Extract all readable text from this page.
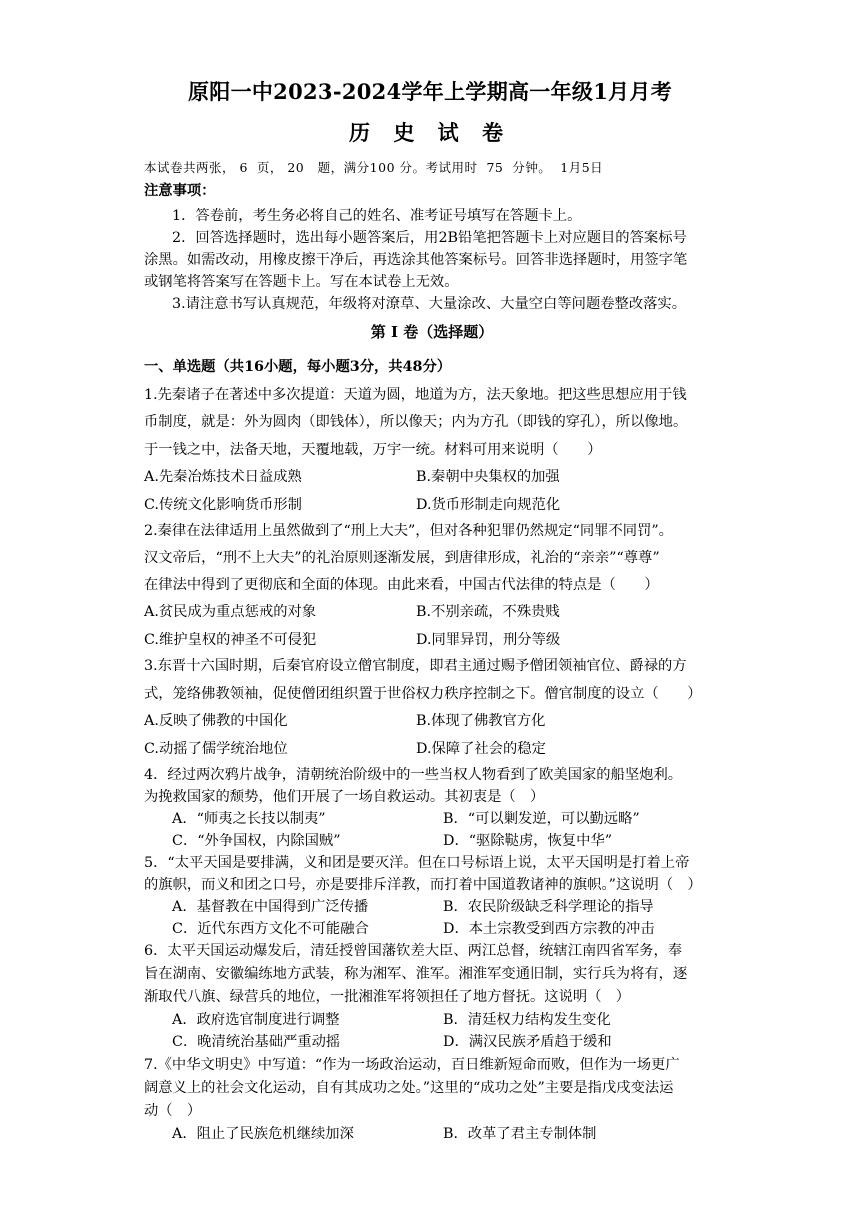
原阳一中2023-2024学年上学期高一年级1月月考
历 史 试 卷
本试卷共两张， 6  页， 20   题，满分100 分。考试用时  75  分钟。  1月5日
注意事项：
1．答卷前，考生务必将自己的姓名、准考证号填写在答题卡上。
2．回答选择题时，选出每小题答案后，用2B铅笔把答题卡上对应题目的答案标号
涂黑。如需改动，用橡皮擦干净后，再选涂其他答案标号。回答非选择题时，用签字笔
或钢笔将答案写在答题卡上。写在本试卷上无效。
3.请注意书写认真规范，年级将对潦草、大量涂改、大量空白等问题卷整改落实。
第 I 卷（选择题）
一、单选题（共16小题，每小题3分，共48分）
1.先秦诸子在著述中多次提道：天道为圆，地道为方，法天象地。把这些思想应用于钱
币制度，就是：外为圆肉（即钱体），所以像天；内为方孔（即钱的穿孔），所以像地。
于一钱之中，法备天地，天覆地载，万宇一统。材料可用来说明（　　）
A.先秦冶炼技术日益成熟	B.秦朝中央集权的加强
C.传统文化影响货币形制	D.货币形制走向规范化
2.秦律在法律适用上虽然做到了“刑上大夫”，但对各种犯罪仍然规定“同罪不同罚”。
汉文帝后，“刑不上大夫”的礼治原则逐渐发展，到唐律形成，礼治的“亲亲”“尊尊”
在律法中得到了更彻底和全面的体现。由此来看，中国古代法律的特点是（　　）
A.贫民成为重点惩戒的对象	B.不别亲疏，不殊贵贱
C.维护皇权的神圣不可侵犯	D.同罪异罚，刑分等级
3.东晋十六国时期，后秦官府设立僧官制度，即君主通过赐予僧团领袖官位、爵禄的方
式，笼络佛教领袖，促使僧团组织置于世俗权力秩序控制之下。僧官制度的设立（　　）
A.反映了佛教的中国化	B.体现了佛教官方化
C.动摇了儒学统治地位	D.保障了社会的稳定
4．经过两次鸦片战争，清朝统治阶级中的一些当权人物看到了欧美国家的船坚炮利。
为挽救国家的颓势，他们开展了一场自救运动。其初衷是（　）
A．“师夷之长技以制夷”	B．“可以剿发逆，可以勤远略”
C．“外争国权，内除国贼”	D．“驱除鞑虏，恢复中华”
5．“太平天国是要排满，义和团是要灭洋。但在口号标语上说，太平天国明是打着上帝
的旗帜，而义和团之口号，亦是要排斥洋教，而打着中国道教诸神的旗帜。”这说明（　）
A．基督教在中国得到广泛传播	B．农民阶级缺乏科学理论的指导
C．近代东西方文化不可能融合	D．本土宗教受到西方宗教的冲击
6．太平天国运动爆发后，清廷授曾国藩钦差大臣、两江总督，统辖江南四省军务，奉
旨在湖南、安徽编练地方武装，称为湘军、淮军。湘淮军变通旧制，实行兵为将有，逐
渐取代八旗、绿营兵的地位，一批湘淮军将领担任了地方督抚。这说明（　）
A．政府选官制度进行调整	B．清廷权力结构发生变化
C．晚清统治基础严重动摇	D．满汉民族矛盾趋于缓和
7.《中华文明史》中写道：“作为一场政治运动，百日维新短命而败，但作为一场更广
阔意义上的社会文化运动，自有其成功之处。”这里的“成功之处”主要是指戊戌变法运
动（　）
A．阻止了民族危机继续加深	B．改革了君主专制体制
